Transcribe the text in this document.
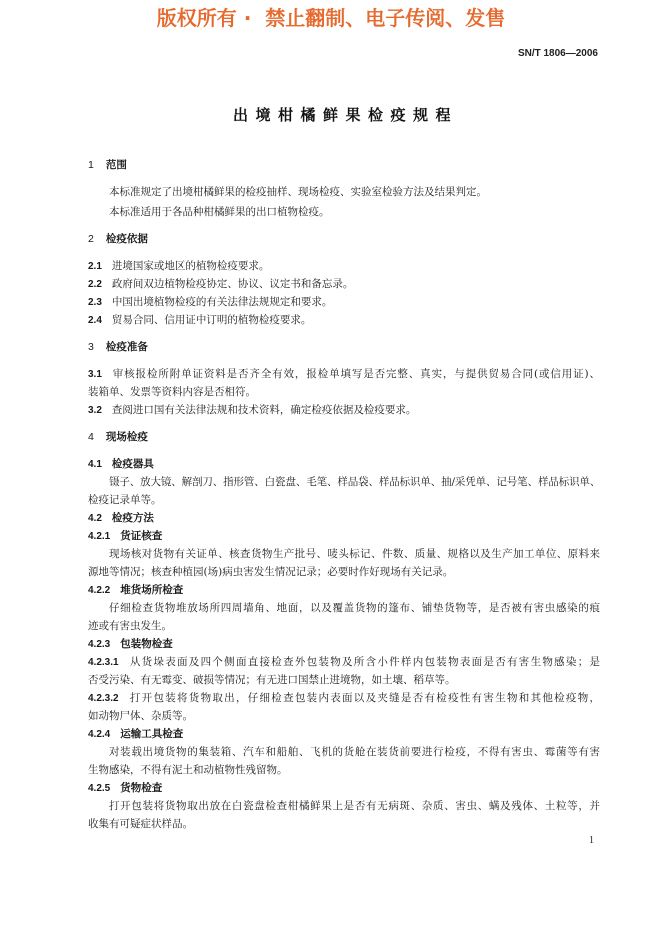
版权所有 ·  禁止翻制、电子传阅、发售
SN/T 1806—2006
出境柑橘鲜果检疫规程
1 范围
本标准规定了出境柑橘鲜果的检疫抽样、现场检疫、实验室检验方法及结果判定。
本标准适用于各品种柑橘鲜果的出口植物检疫。
2 检疫依据
2.1 进境国家或地区的植物检疫要求。
2.2 政府间双边植物检疫协定、协议、议定书和备忘录。
2.3 中国出境植物检疫的有关法律法规规定和要求。
2.4 贸易合同、信用证中订明的植物检疫要求。
3 检疫准备
3.1 审核报检所附单证资料是否齐全有效，报检单填写是否完整、真实，与提供贸易合同(或信用证)、
装箱单、发票等资料内容是否相符。
3.2 查阅进口国有关法律法规和技术资料，确定检疫依据及检疫要求。
4 现场检疫
4.1 检疫器具
镊子、放大镜、解剖刀、指形管、白瓷盘、毛笔、样品袋、样品标识单、抽/采凭单、记号笔、样品标识单、
检疫记录单等。
4.2 检疫方法
4.2.1 货证核查
现场核对货物有关证单、核查货物生产批号、唛头标记、件数、质量、规格以及生产加工单位、原料来
源地等情况；核查种植园(场)病虫害发生情况记录；必要时作好现场有关记录。
4.2.2 堆货场所检查
仔细检查货物堆放场所四周墙角、地面，以及覆盖货物的篷布、铺垫货物等，是否被有害虫感染的痕
迹或有害虫发生。
4.2.3 包装物检查
4.2.3.1 从货垛表面及四个侧面直接检查外包装物及所含小件样内包装物表面是否有害生物感染；是
否受污染、有无霉变、破损等情况；有无进口国禁止进境物，如土壤、稻草等。
4.2.3.2 打开包装将货物取出，仔细检查包装内表面以及夹缝是否有检疫性有害生物和其他检疫物，
如动物尸体、杂质等。
4.2.4 运输工具检查
对装载出境货物的集装箱、汽车和船舶、飞机的货舱在装货前要进行检疫，不得有害虫、霉菌等有害
生物感染，不得有泥土和动植物性残留物。
4.2.5 货物检查
打开包装将货物取出放在白瓷盘检查柑橘鲜果上是否有无病斑、杂质、害虫、螨及残体、土粒等，并
收集有可疑症状样品。
1
